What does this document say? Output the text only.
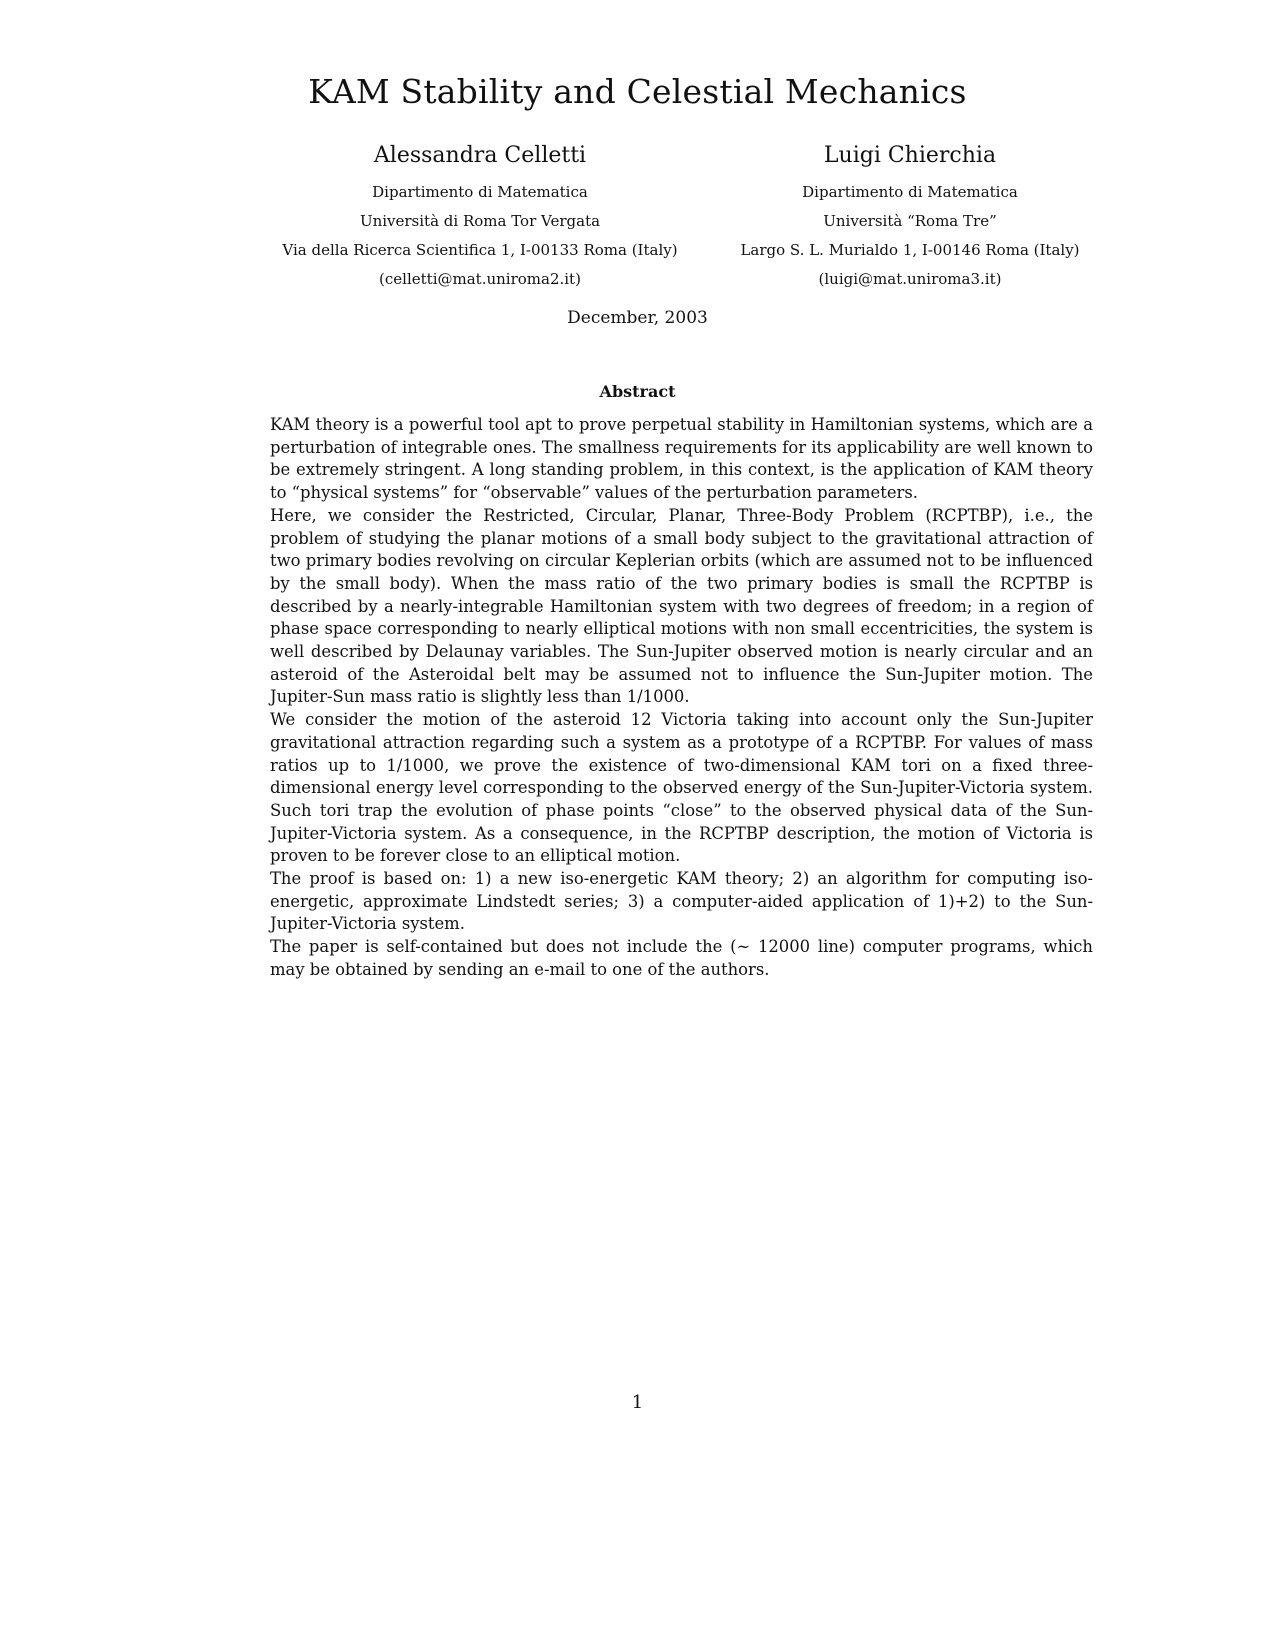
KAM Stability and Celestial Mechanics
Alessandra Celletti
Dipartimento di Matematica
Università di Roma Tor Vergata
Via della Ricerca Scientifica 1, I-00133 Roma (Italy)
(celletti@mat.uniroma2.it)
Luigi Chierchia
Dipartimento di Matematica
Università “Roma Tre”
Largo S. L. Murialdo 1, I-00146 Roma (Italy)
(luigi@mat.uniroma3.it)
December, 2003
Abstract

KAM theory is a powerful tool apt to prove perpetual stability in Hamiltonian systems, which are a perturbation of integrable ones. The smallness requirements for its applicability are well known to be extremely stringent. A long standing problem, in this context, is the application of KAM theory to “physical systems” for “observable” values of the perturbation parameters.

Here, we consider the Restricted, Circular, Planar, Three-Body Problem (RCPTBP), i.e., the problem of studying the planar motions of a small body subject to the gravitational attraction of two primary bodies revolving on circular Keplerian orbits (which are assumed not to be influenced by the small body). When the mass ratio of the two primary bodies is small the RCPTBP is described by a nearly-integrable Hamiltonian system with two degrees of freedom; in a region of phase space corresponding to nearly elliptical motions with non small eccentricities, the system is well described by Delaunay variables. The Sun-Jupiter observed motion is nearly circular and an asteroid of the Asteroidal belt may be assumed not to influence the Sun-Jupiter motion. The Jupiter-Sun mass ratio is slightly less than 1/1000.

We consider the motion of the asteroid 12 Victoria taking into account only the Sun-Jupiter gravitational attraction regarding such a system as a prototype of a RCPTBP. For values of mass ratios up to 1/1000, we prove the existence of two-dimensional KAM tori on a fixed three-dimensional energy level corresponding to the observed energy of the Sun-Jupiter-Victoria system. Such tori trap the evolution of phase points “close” to the observed physical data of the Sun-Jupiter-Victoria system. As a consequence, in the RCPTBP description, the motion of Victoria is proven to be forever close to an elliptical motion.

The proof is based on: 1) a new iso-energetic KAM theory; 2) an algorithm for computing iso-energetic, approximate Lindstedt series; 3) a computer-aided application of 1)+2) to the Sun-Jupiter-Victoria system.

The paper is self-contained but does not include the (∼ 12000 line) computer programs, which may be obtained by sending an e-mail to one of the authors.

1
